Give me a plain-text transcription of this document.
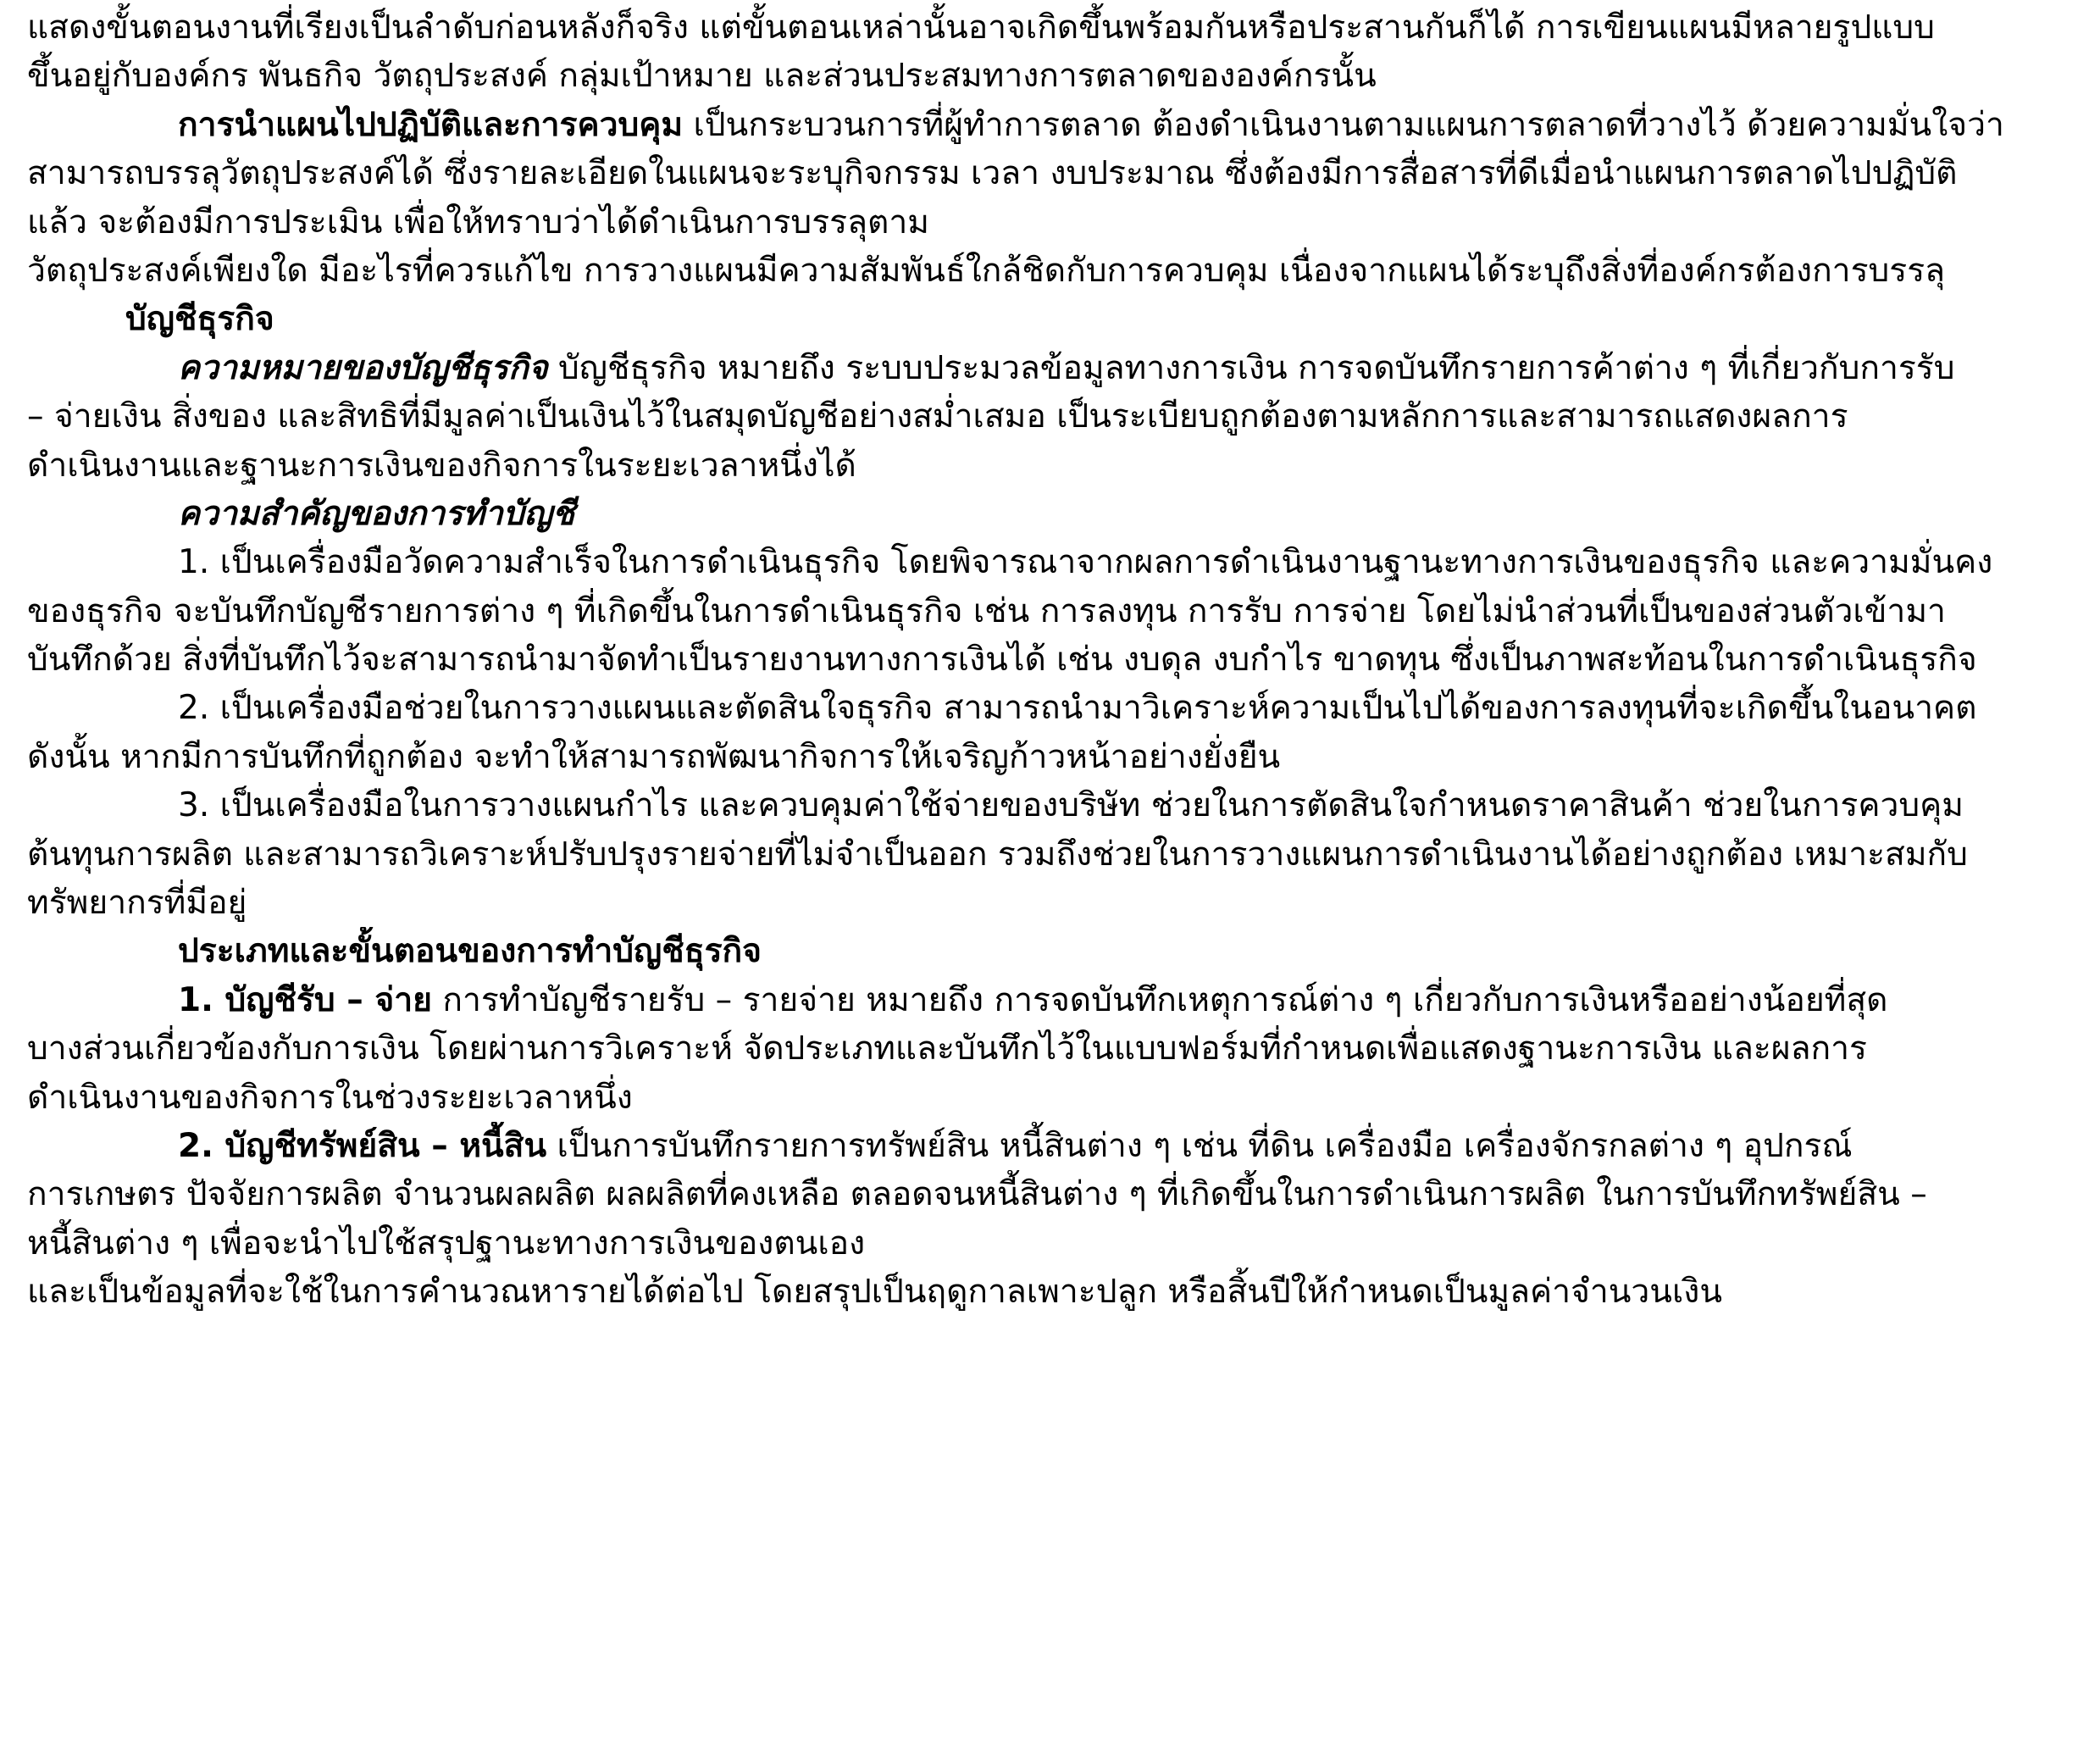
แสดงขั้นตอนงานที่เรียงเป็นลำดับก่อนหลังก็จริง แต่ขั้นตอนเหล่านั้นอาจเกิดขึ้นพร้อมกันหรือประสานกันก็ได้ การเขียนแผนมีหลายรูปแบบ
ขึ้นอยู่กับองค์กร พันธกิจ วัตถุประสงค์ กลุ่มเป้าหมาย และส่วนประสมทางการตลาดขององค์กรนั้น
การนำแผนไปปฏิบัติและการควบคุม เป็นกระบวนการที่ผู้ทำการตลาด ต้องดำเนินงานตามแผนการตลาดที่วางไว้ ด้วยความมั่นใจว่า
สามารถบรรลุวัตถุประสงค์ได้ ซึ่งรายละเอียดในแผนจะระบุกิจกรรม เวลา งบประมาณ ซึ่งต้องมีการสื่อสารที่ดีเมื่อนำแผนการตลาดไปปฏิบัติ
แล้ว จะต้องมีการประเมิน เพื่อให้ทราบว่าได้ดำเนินการบรรลุตาม
วัตถุประสงค์เพียงใด มีอะไรที่ควรแก้ไข การวางแผนมีความสัมพันธ์ใกล้ชิดกับการควบคุม เนื่องจากแผนได้ระบุถึงสิ่งที่องค์กรต้องการบรรลุ
บัญชีธุรกิจ
ความหมายของบัญชีธุรกิจ บัญชีธุรกิจ หมายถึง ระบบประมวลข้อมูลทางการเงิน การจดบันทึกรายการค้าต่าง ๆ ที่เกี่ยวกับการรับ
– จ่ายเงิน สิ่งของ และสิทธิที่มีมูลค่าเป็นเงินไว้ในสมุดบัญชีอย่างสม่ำเสมอ เป็นระเบียบถูกต้องตามหลักการและสามารถแสดงผลการ
ดำเนินงานและฐานะการเงินของกิจการในระยะเวลาหนึ่งได้
ความสำคัญของการทำบัญชี
1. เป็นเครื่องมือวัดความสำเร็จในการดำเนินธุรกิจ โดยพิจารณาจากผลการดำเนินงานฐานะทางการเงินของธุรกิจ และความมั่นคง
ของธุรกิจ จะบันทึกบัญชีรายการต่าง ๆ ที่เกิดขึ้นในการดำเนินธุรกิจ เช่น การลงทุน การรับ การจ่าย โดยไม่นำส่วนที่เป็นของส่วนตัวเข้ามา
บันทึกด้วย สิ่งที่บันทึกไว้จะสามารถนำมาจัดทำเป็นรายงานทางการเงินได้ เช่น งบดุล งบกำไร ขาดทุน ซึ่งเป็นภาพสะท้อนในการดำเนินธุรกิจ
2. เป็นเครื่องมือช่วยในการวางแผนและตัดสินใจธุรกิจ สามารถนำมาวิเคราะห์ความเป็นไปได้ของการลงทุนที่จะเกิดขึ้นในอนาคต
ดังนั้น หากมีการบันทึกที่ถูกต้อง จะทำให้สามารถพัฒนากิจการให้เจริญก้าวหน้าอย่างยั่งยืน
3. เป็นเครื่องมือในการวางแผนกำไร และควบคุมค่าใช้จ่ายของบริษัท ช่วยในการตัดสินใจกำหนดราคาสินค้า ช่วยในการควบคุม
ต้นทุนการผลิต และสามารถวิเคราะห์ปรับปรุงรายจ่ายที่ไม่จำเป็นออก รวมถึงช่วยในการวางแผนการดำเนินงานได้อย่างถูกต้อง เหมาะสมกับ
ทรัพยากรที่มีอยู่
ประเภทและขั้นตอนของการทำบัญชีธุรกิจ
1. บัญชีรับ – จ่าย การทำบัญชีรายรับ – รายจ่าย หมายถึง การจดบันทึกเหตุการณ์ต่าง ๆ เกี่ยวกับการเงินหรืออย่างน้อยที่สุด
บางส่วนเกี่ยวข้องกับการเงิน โดยผ่านการวิเคราะห์ จัดประเภทและบันทึกไว้ในแบบฟอร์มที่กำหนดเพื่อแสดงฐานะการเงิน และผลการ
ดำเนินงานของกิจการในช่วงระยะเวลาหนึ่ง
2. บัญชีทรัพย์สิน – หนี้สิน เป็นการบันทึกรายการทรัพย์สิน หนี้สินต่าง ๆ เช่น ที่ดิน เครื่องมือ เครื่องจักรกลต่าง ๆ อุปกรณ์
การเกษตร ปัจจัยการผลิต จำนวนผลผลิต ผลผลิตที่คงเหลือ ตลอดจนหนี้สินต่าง ๆ ที่เกิดขึ้นในการดำเนินการผลิต ในการบันทึกทรัพย์สิน –
หนี้สินต่าง ๆ เพื่อจะนำไปใช้สรุปฐานะทางการเงินของตนเอง
และเป็นข้อมูลที่จะใช้ในการคำนวณหารายได้ต่อไป โดยสรุปเป็นฤดูกาลเพาะปลูก หรือสิ้นปีให้กำหนดเป็นมูลค่าจำนวนเงิน
